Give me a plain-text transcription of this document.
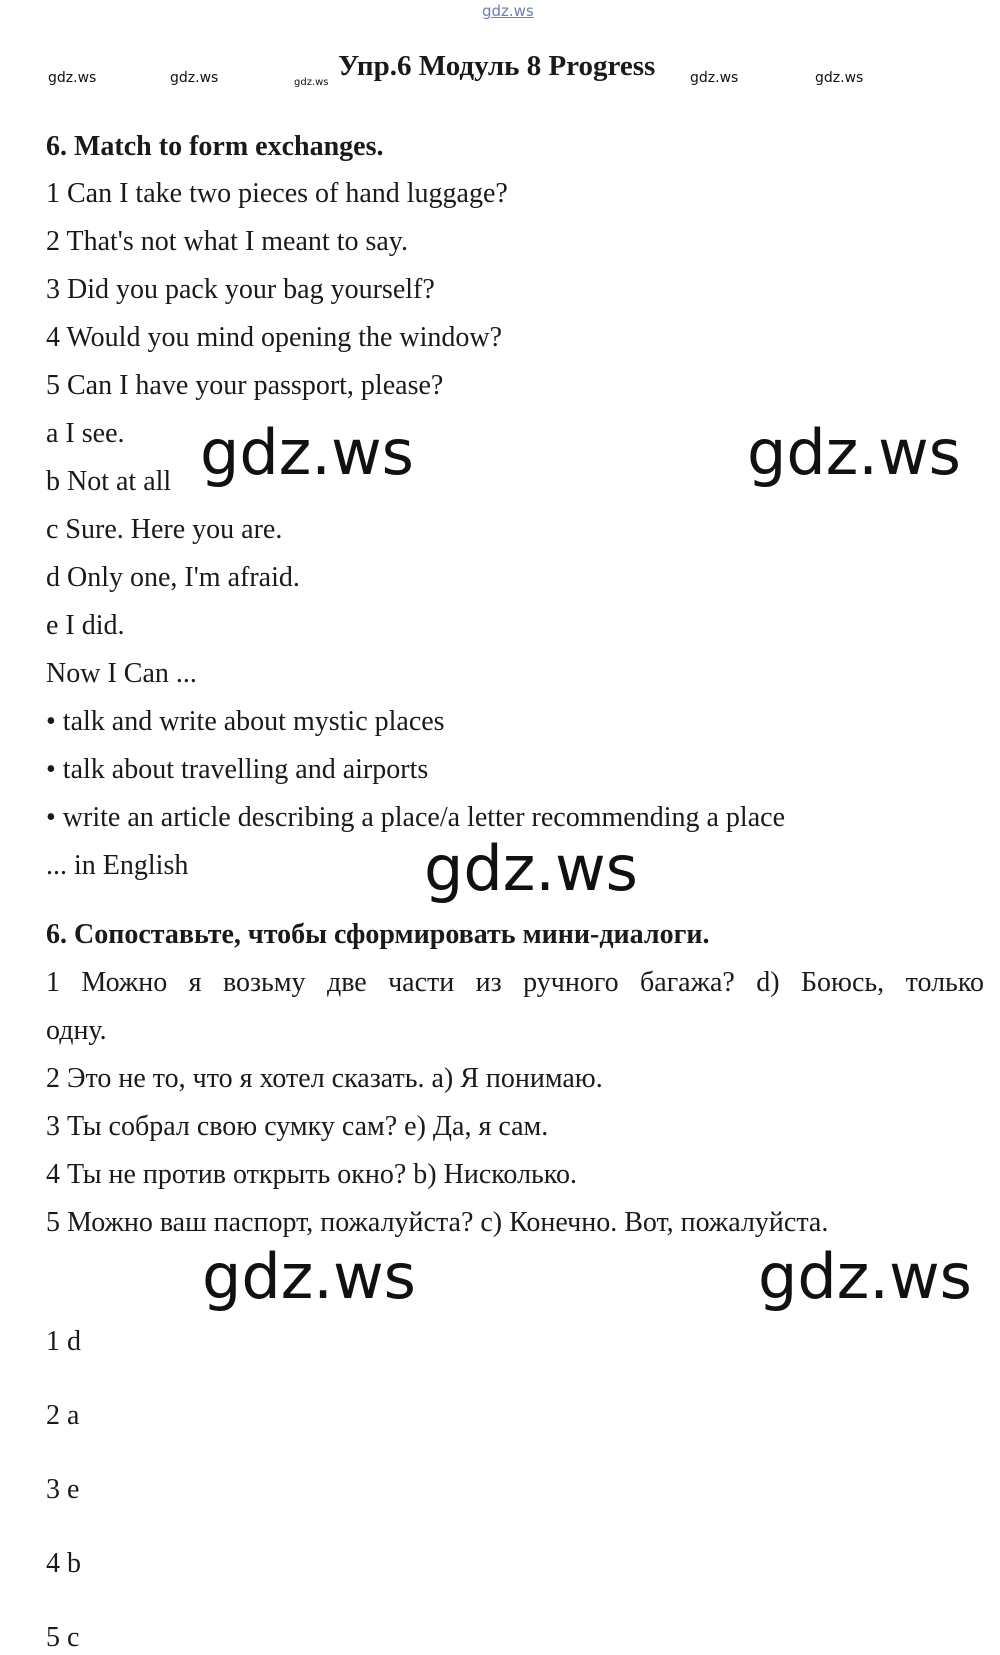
gdz.ws
gdz.ws	gdz.ws	gdz.ws	gdz.ws	gdz.ws
Упр.6 Модуль 8 Progress
6. Match to form exchanges.
1 Can I take two pieces of hand luggage?
2 That's not what I meant to say.
3 Did you pack your bag yourself?
4 Would you mind opening the window?
5 Can I have your passport, please?
a I see.
b Not at all
c Sure. Here you are.
d Only one, I'm afraid.
e I did.
Now I Can ...
• talk and write about mystic places
• talk about travelling and airports
• write an article describing a place/a letter recommending a place
... in English
6. Сопоставьте, чтобы сформировать мини-диалоги.
1 Можно я возьму две части из ручного багажа? d) Боюсь, только
одну.
2 Это не то, что я хотел сказать. a) Я понимаю.
3 Ты собрал свою сумку сам? e) Да, я сам.
4 Ты не против открыть окно? b) Нисколько.
5 Можно ваш паспорт, пожалуйста? c) Конечно. Вот, пожалуйста.
1 d
2 a
3 e
4 b
5 c
gdz.ws	gdz.ws
gdz.ws
gdz.ws	gdz.ws
